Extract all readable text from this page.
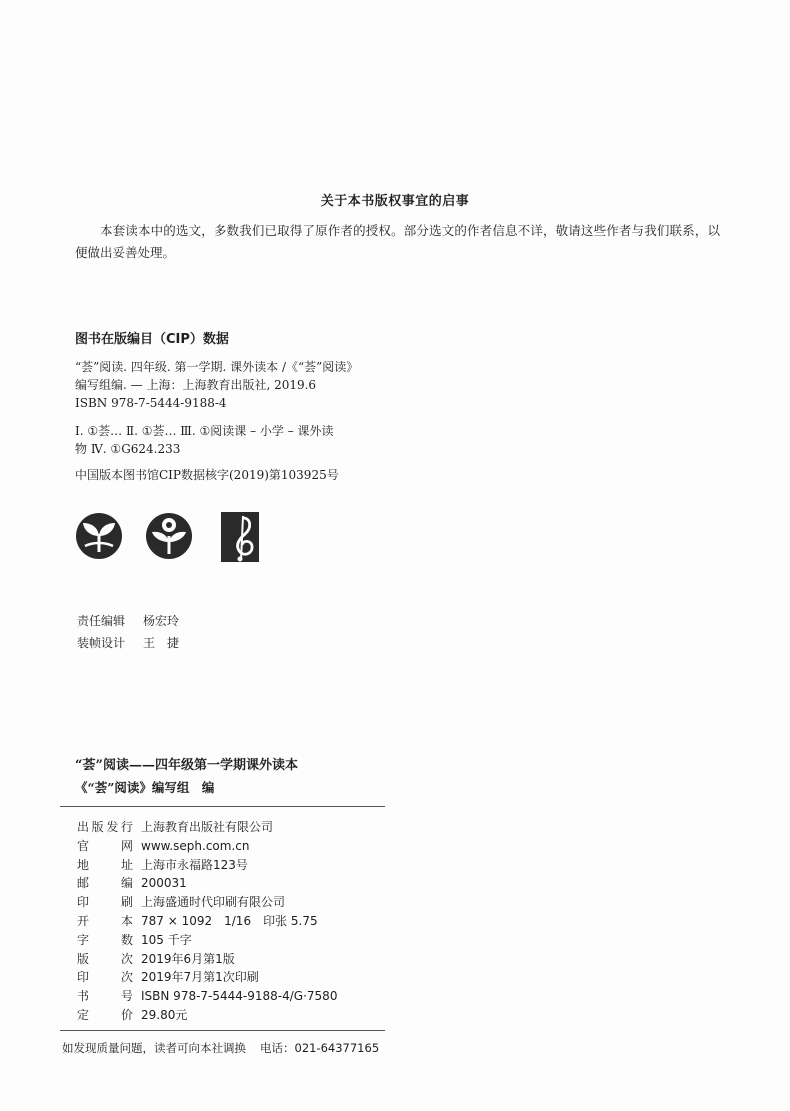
关于本书版权事宜的启事
本套读本中的选文，多数我们已取得了原作者的授权。部分选文的作者信息不详，敬请这些作者与我们联系，以便做出妥善处理。
图书在版编目（CIP）数据
“荟”阅读. 四年级. 第一学期. 课外读本 /《“荟”阅读》
编写组编. — 上海：上海教育出版社, 2019.6
ISBN 978-7-5444-9188-4
Ⅰ. ①荟… Ⅱ. ①荟… Ⅲ. ①阅读课 – 小学 – 课外读
物 Ⅳ. ①G624.233
中国版本图书馆CIP数据核字(2019)第103925号
责任编辑 杨宏玲
装帧设计 王　捷
“荟”阅读——四年级第一学期课外读本
《“荟”阅读》编写组　编
出版发行 上海教育出版社有限公司
官　网 www.seph.com.cn
地　址 上海市永福路123号
邮　编 200031
印　刷 上海盛通时代印刷有限公司
开　本 787 × 1092　1/16　印张 5.75
字　数 105 千字
版　次 2019年6月第1版
印　次 2019年7月第1次印刷
书　号 ISBN 978-7-5444-9188-4/G·7580
定　价 29.80元
如发现质量问题，读者可向本社调换 电话：021-64377165
